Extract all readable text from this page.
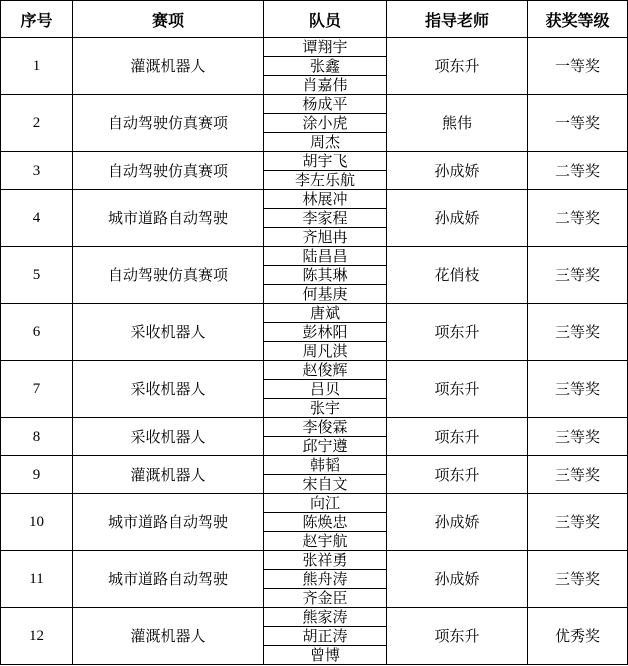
序号	赛项	队员	指导老师	获奖等级
1	灌溉机器人	谭翔宇	项东升	一等奖
		张鑫		
		肖嘉伟		
2	自动驾驶仿真赛项	杨成平	熊伟	一等奖
		涂小虎		
		周杰		
3	自动驾驶仿真赛项	胡宇飞	孙成娇	二等奖
		李左乐航		
4	城市道路自动驾驶	林展冲	孙成娇	二等奖
		李家程		
		齐旭冉		
5	自动驾驶仿真赛项	陆昌昌	花俏枝	三等奖
		陈其琳		
		何基庚		
6	采收机器人	唐斌	项东升	三等奖
		彭林阳		
		周凡淇		
7	采收机器人	赵俊辉	项东升	三等奖
		吕贝		
		张宇		
8	采收机器人	李俊霖	项东升	三等奖
		邱宁遵		
9	灌溉机器人	韩韬	项东升	三等奖
		宋自文		
10	城市道路自动驾驶	向江	孙成娇	三等奖
		陈焕忠		
		赵宇航		
11	城市道路自动驾驶	张祥勇	孙成娇	三等奖
		熊舟涛		
		齐金臣		
12	灌溉机器人	熊家涛	项东升	优秀奖
		胡正涛		
		曾博		
